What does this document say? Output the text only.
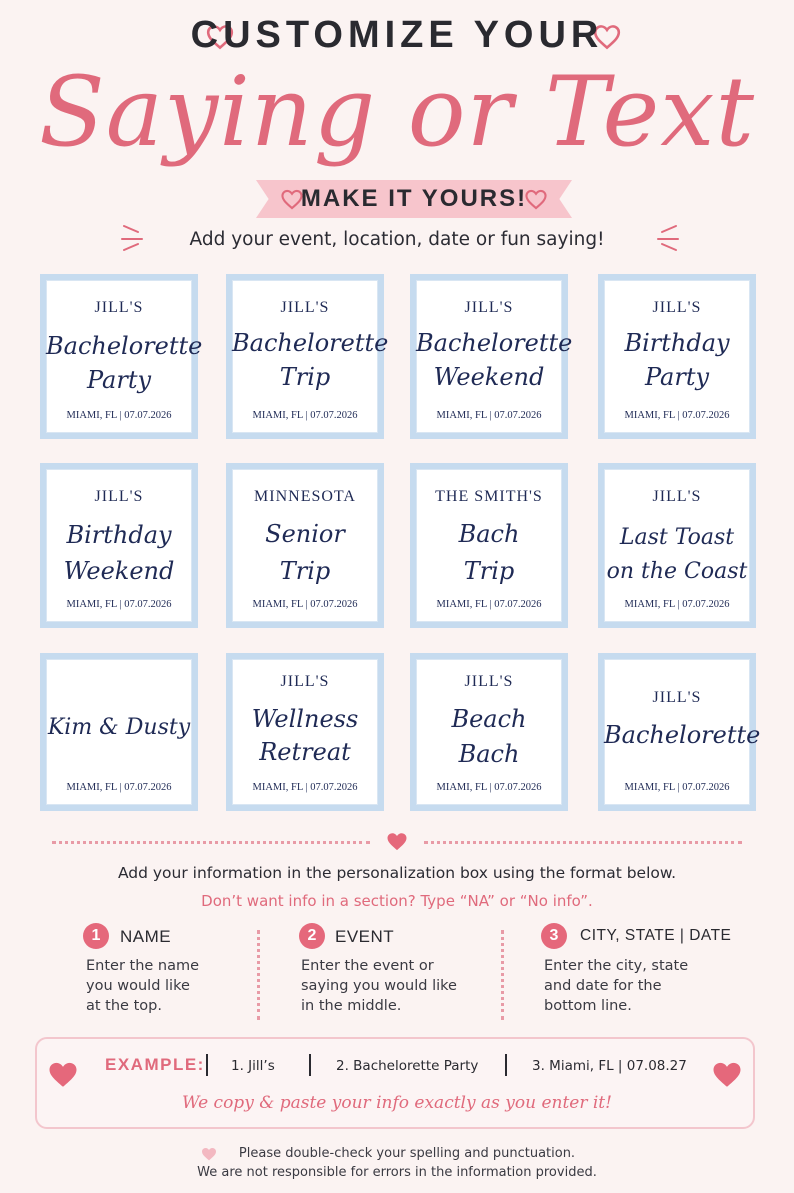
CUSTOMIZE YOUR
Saying or Text
MAKE IT YOURS!
Add your event, location, date or fun saying!
JILL'S
Bachelorette
Party
MIAMI, FL | 07.07.2026
JILL'S
Bachelorette
Trip
MIAMI, FL | 07.07.2026
JILL'S
Bachelorette
Weekend
MIAMI, FL | 07.07.2026
JILL'S
Birthday
Party
MIAMI, FL | 07.07.2026
JILL'S
Birthday
Weekend
MIAMI, FL | 07.07.2026
MINNESOTA
Senior
Trip
MIAMI, FL | 07.07.2026
THE SMITH'S
Bach
Trip
MIAMI, FL | 07.07.2026
JILL'S
Last Toast
on the Coast
MIAMI, FL | 07.07.2026
Kim & Dusty
MIAMI, FL | 07.07.2026
JILL'S
Wellness
Retreat
MIAMI, FL | 07.07.2026
JILL'S
Beach
Bach
MIAMI, FL | 07.07.2026
JILL'S
Bachelorette
MIAMI, FL | 07.07.2026
Add your information in the personalization box using the format below.
Don’t want info in a section? Type “NA” or “No info”.
1	NAME
Enter the name
you would like
at the top.
2	EVENT
Enter the event or
saying you would like
in the middle.
3	CITY, STATE | DATE
Enter the city, state
and date for the
bottom line.
EXAMPLE: 1. Jill’s	2. Bachelorette Party	3. Miami, FL | 07.08.27
We copy & paste your info exactly as you enter it!
Please double-check your spelling and punctuation.
We are not responsible for errors in the information provided.
